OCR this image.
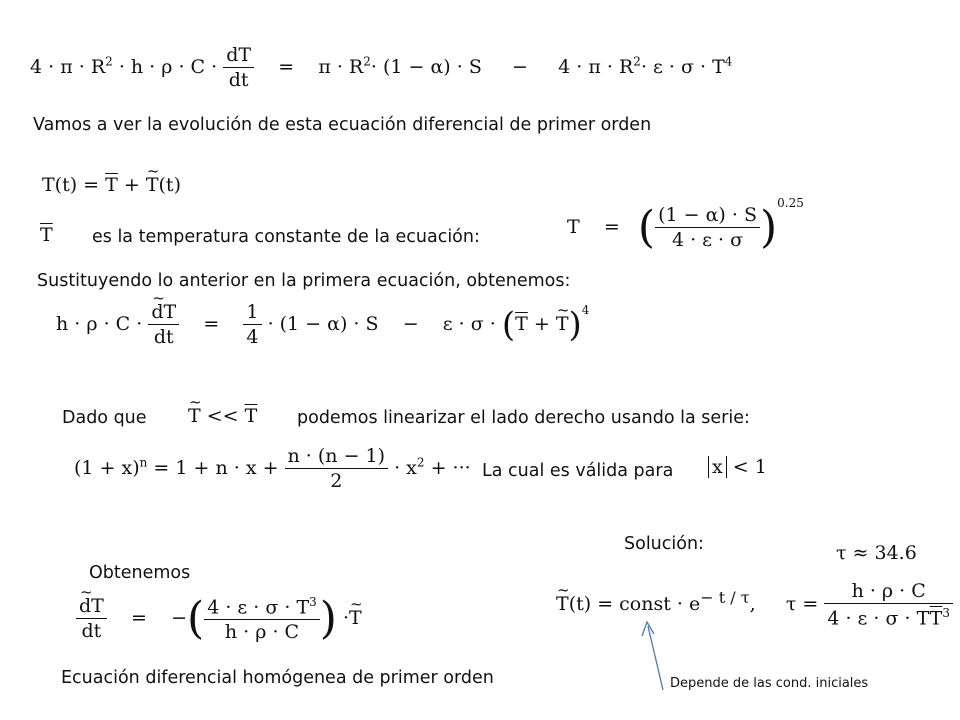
$4 \cdot \pi \cdot R^2 \cdot h \cdot \rho \cdot C \cdot \frac{dT}{dt} = \pi \cdot R^2\cdot (1 - \alpha) \cdot S - 4 \cdot \pi \cdot R^2\cdot \varepsilon \cdot \sigma \cdot T^4$
Vamos a ver la evolución de esta ecuación diferencial de primer orden
$T(t) = \overline{T}$ + ~ T(t)
$\overline{T}$ es la temperatura constante de la ecuación:	T = ( $\frac{(1 - \alpha) \cdot S}{4 \cdot \varepsilon \cdot \sigma} )^{0.25}$
Sustituyendo lo anterior en la primera ecuación, obtenemos:
h · ρ · C · ~ $\frac{dT}{dt} = \frac{1}{4} \cdot (1 - \alpha) \cdot S - \varepsilon \cdot \sigma \cdot (\overline{T}$ + ~ T)$^4$
Dado que ~ $T << \overline{T}$ podemos linearizar el lado derecho usando la serie:
$(1 + x)^n = 1 + n \cdot x + \frac{n \cdot (n - 1)}{2} \cdot x^2$ + ··· La cual es válida para x < 1
Solución:	τ ≈ 34.6
Obtenemos
~ $\frac{dT}{dt}$ = −( $\frac{4 \cdot \varepsilon \cdot \sigma \cdot T^3}{h \cdot \rho \cdot C}$ ) ·~ T
~ T(t) = const · $e^{- t / \tau}$, $\tau = \frac{h \cdot \rho \cdot C}{4 \cdot \varepsilon \cdot \sigma \cdot T\overline{T}^3}$
Ecuación diferencial homógenea de primer orden	Depende de las cond. iniciales
